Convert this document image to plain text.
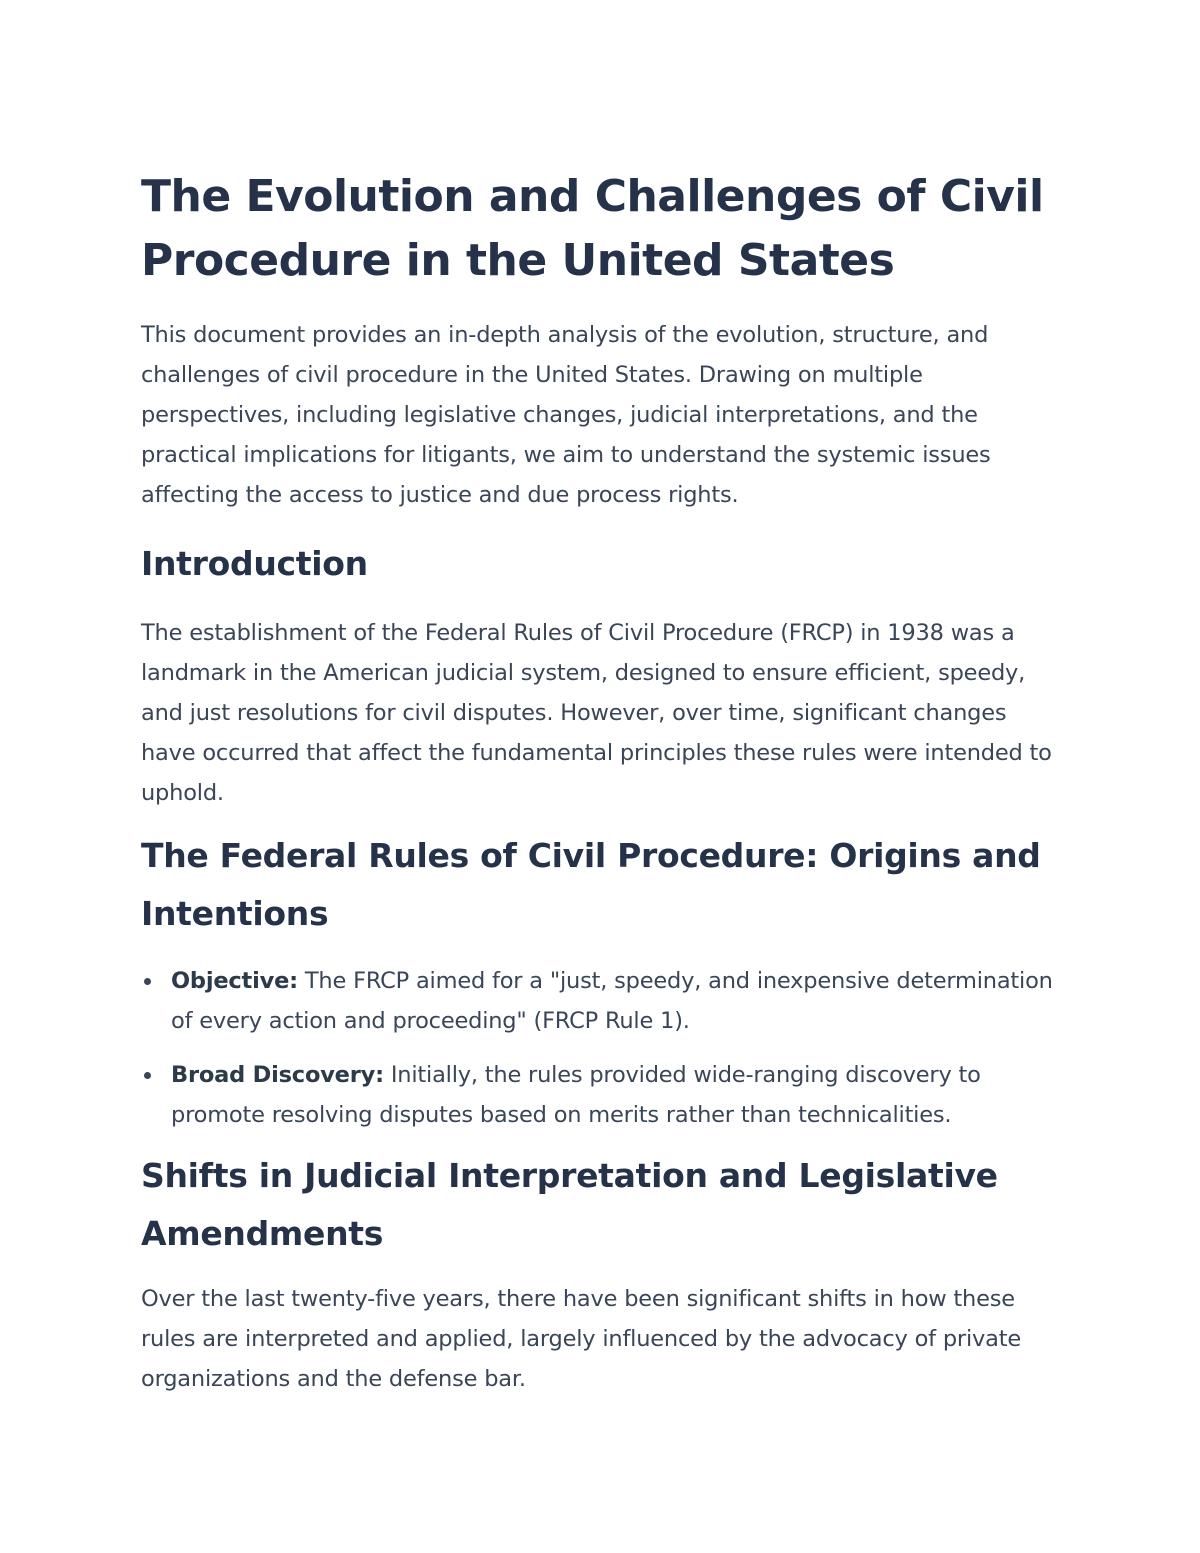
The Evolution and Challenges of Civil Procedure in the United States

This document provides an in-depth analysis of the evolution, structure, and challenges of civil procedure in the United States. Drawing on multiple perspectives, including legislative changes, judicial interpretations, and the practical implications for litigants, we aim to understand the systemic issues affecting the access to justice and due process rights.

Introduction

The establishment of the Federal Rules of Civil Procedure (FRCP) in 1938 was a landmark in the American judicial system, designed to ensure efficient, speedy, and just resolutions for civil disputes. However, over time, significant changes have occurred that affect the fundamental principles these rules were intended to uphold.

The Federal Rules of Civil Procedure: Origins and Intentions
Objective: The FRCP aimed for a "just, speedy, and inexpensive determination of every action and proceeding" (FRCP Rule 1).
Broad Discovery: Initially, the rules provided wide-ranging discovery to promote resolving disputes based on merits rather than technicalities.
Shifts in Judicial Interpretation and Legislative Amendments

Over the last twenty-five years, there have been significant shifts in how these rules are interpreted and applied, largely influenced by the advocacy of private organizations and the defense bar.
